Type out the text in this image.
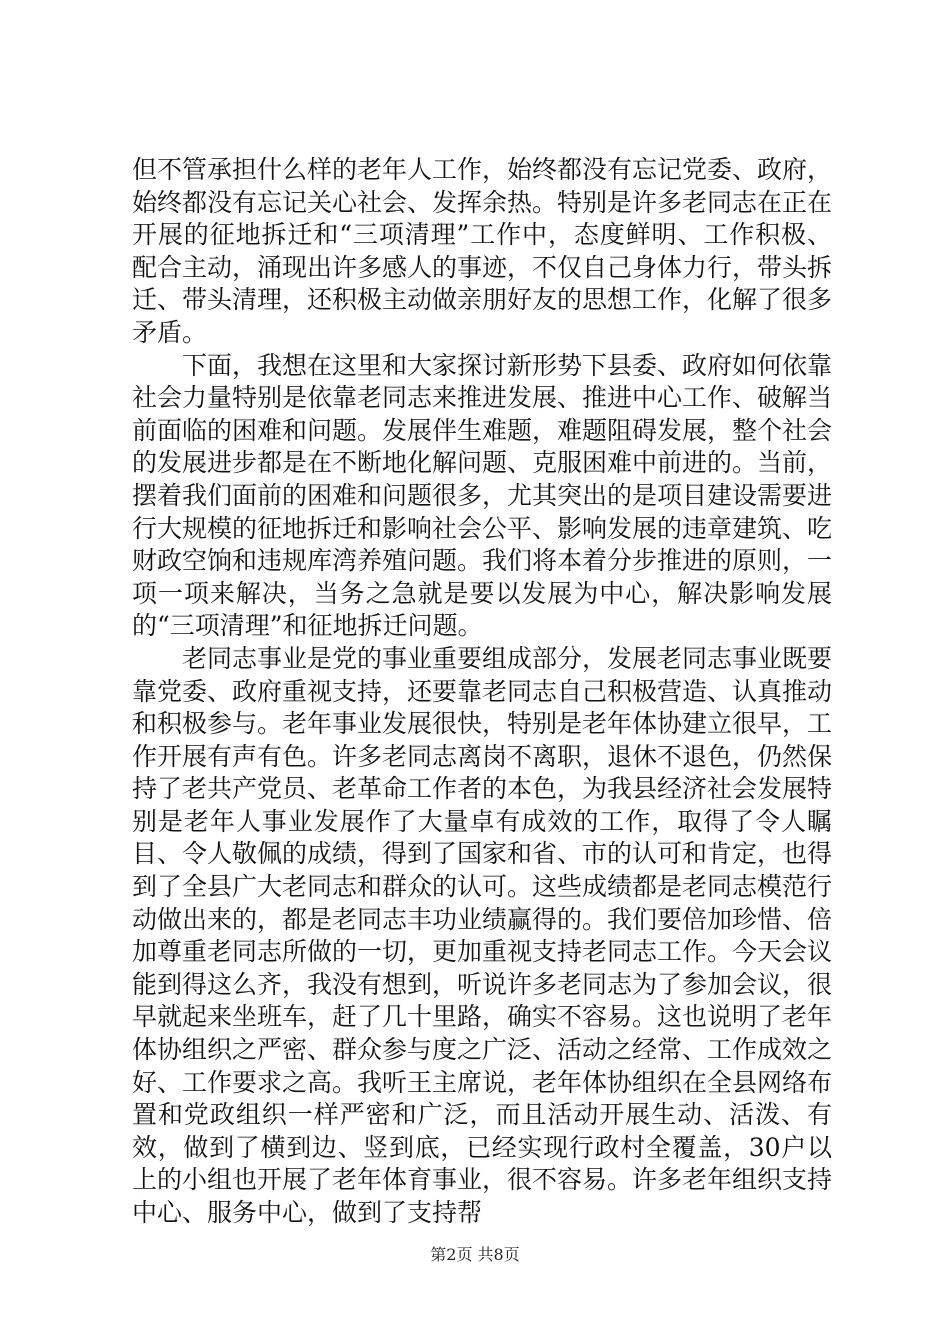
但不管承担什么样的老年人工作，始终都没有忘记党委、政府，始终都没有忘记关心社会、发挥余热。特别是许多老同志在正在开展的征地拆迁和“三项清理”工作中，态度鲜明、工作积极、配合主动，涌现出许多感人的事迹，不仅自己身体力行，带头拆迁、带头清理，还积极主动做亲朋好友的思想工作，化解了很多矛盾。

下面，我想在这里和大家探讨新形势下县委、政府如何依靠社会力量特别是依靠老同志来推进发展、推进中心工作、破解当前面临的困难和问题。发展伴生难题，难题阻碍发展，整个社会的发展进步都是在不断地化解问题、克服困难中前进的。当前，摆着我们面前的困难和问题很多，尤其突出的是项目建设需要进行大规模的征地拆迁和影响社会公平、影响发展的违章建筑、吃财政空饷和违规库湾养殖问题。我们将本着分步推进的原则，一项一项来解决，当务之急就是要以发展为中心，解决影响发展的“三项清理”和征地拆迁问题。

老同志事业是党的事业重要组成部分，发展老同志事业既要靠党委、政府重视支持，还要靠老同志自己积极营造、认真推动和积极参与。老年事业发展很快，特别是老年体协建立很早，工作开展有声有色。许多老同志离岗不离职，退休不退色，仍然保持了老共产党员、老革命工作者的本色，为我县经济社会发展特别是老年人事业发展作了大量卓有成效的工作，取得了令人瞩目、令人敬佩的成绩，得到了国家和省、市的认可和肯定，也得到了全县广大老同志和群众的认可。这些成绩都是老同志模范行动做出来的，都是老同志丰功业绩赢得的。我们要倍加珍惜、倍加尊重老同志所做的一切，更加重视支持老同志工作。今天会议能到得这么齐，我没有想到，听说许多老同志为了参加会议，很早就起来坐班车，赶了几十里路，确实不容易。这也说明了老年体协组织之严密、群众参与度之广泛、活动之经常、工作成效之好、工作要求之高。我听王主席说，老年体协组织在全县网络布置和党政组织一样严密和广泛，而且活动开展生动、活泼、有效，做到了横到边、竖到底，已经实现行政村全覆盖，30户以上的小组也开展了老年体育事业，很不容易。许多老年组织支持中心、服务中心，做到了支持帮

第2页 共8页
